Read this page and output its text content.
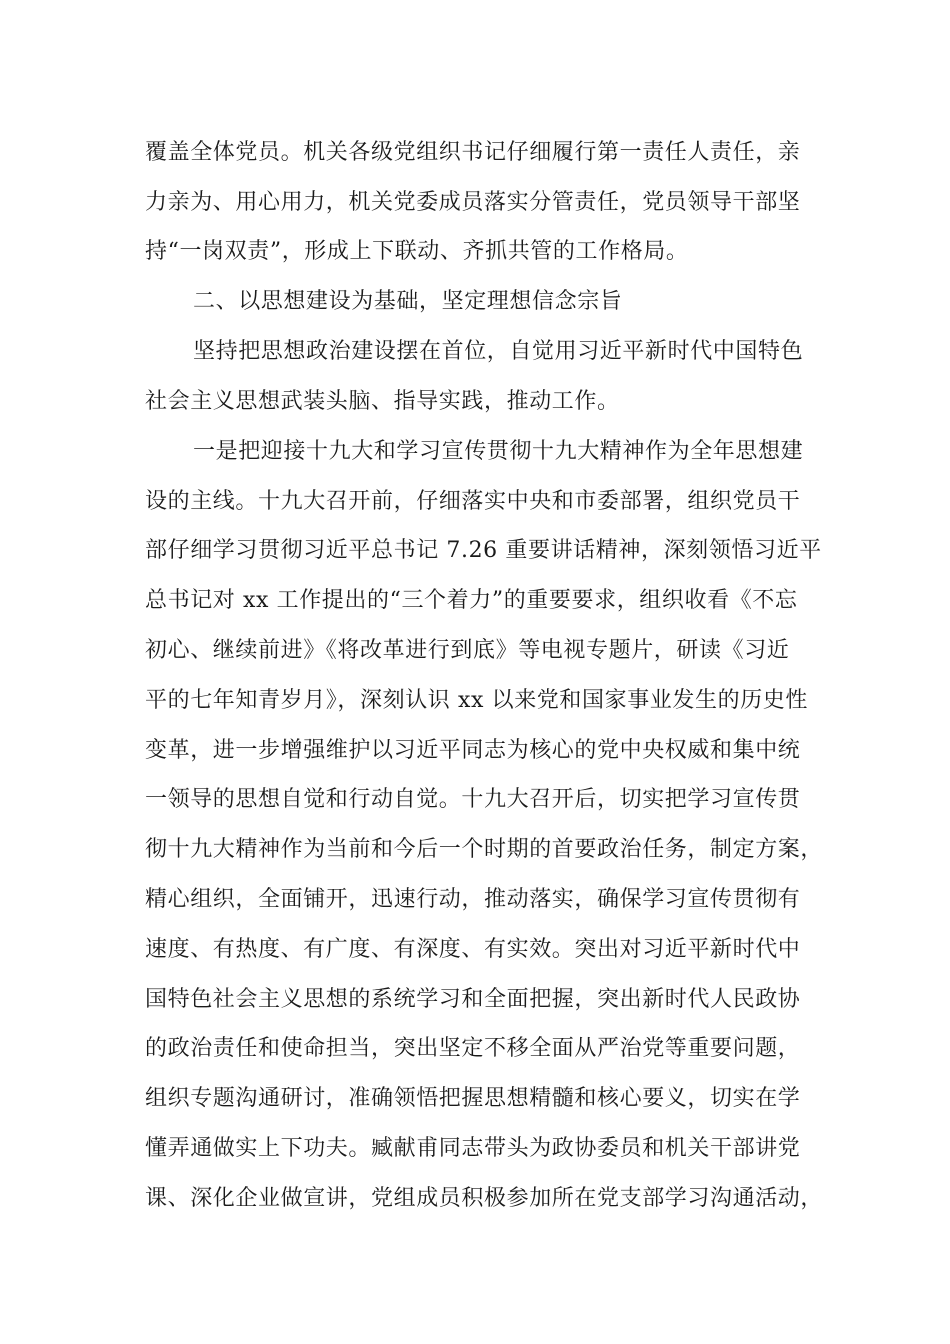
覆盖全体党员。机关各级党组织书记仔细履行第一责任人责任，亲

力亲为、用心用力，机关党委成员落实分管责任，党员领导干部坚

持“一岗双责”，形成上下联动、齐抓共管的工作格局。

二、以思想建设为基础，坚定理想信念宗旨

坚持把思想政治建设摆在首位，自觉用习近平新时代中国特色

社会主义思想武装头脑、指导实践，推动工作。

一是把迎接十九大和学习宣传贯彻十九大精神作为全年思想建

设的主线。十九大召开前，仔细落实中央和市委部署，组织党员干

部仔细学习贯彻习近平总书记 7.26 重要讲话精神，深刻领悟习近平

总书记对 xx 工作提出的“三个着力”的重要要求，组织收看《不忘

初心、继续前进》《将改革进行到底》等电视专题片，研读《习近

平的七年知青岁月》，深刻认识 xx 以来党和国家事业发生的历史性

变革，进一步增强维护以习近平同志为核心的党中央权威和集中统

一领导的思想自觉和行动自觉。十九大召开后，切实把学习宣传贯

彻十九大精神作为当前和今后一个时期的首要政治任务，制定方案，

精心组织，全面铺开，迅速行动，推动落实，确保学习宣传贯彻有

速度、有热度、有广度、有深度、有实效。突出对习近平新时代中

国特色社会主义思想的系统学习和全面把握，突出新时代人民政协

的政治责任和使命担当，突出坚定不移全面从严治党等重要问题，

组织专题沟通研讨，准确领悟把握思想精髓和核心要义，切实在学

懂弄通做实上下功夫。臧献甫同志带头为政协委员和机关干部讲党

课、深化企业做宣讲，党组成员积极参加所在党支部学习沟通活动，
